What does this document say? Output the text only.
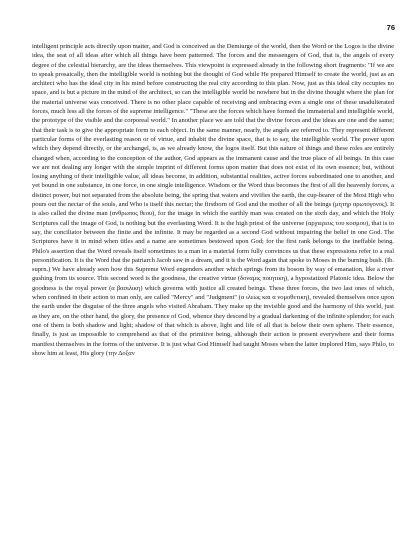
76

intelligent principle acts directly upon matter, and God is conceived as the Demiurge of the world, then the Word or the Logos is the divine idea, the seat of all ideas after which all things have been patterned. The forces and the messengers of God, that is, the angels of every degree of the celestial hierarchy, are the ideas themselves. This viewpoint is expressed already in the following short fragments: "If we are to speak prosaically, then the intelligible world is nothing but the thought of God while He prepared Himself to create the world, just as an architect who has the ideal city in his mind before constructing the real city according to this plan. Now, just as this ideal city occupies no space, and is but a picture in the mind of the architect, so can the intelligible world be nowhere but in the divine thought where the plan for the material universe was conceived. There is no other place capable of receiving and embracing even a single one of these unadulterated forces, much less all the forces of the supreme intelligence." "These are the forces which have formed the immaterial and intelligible world, the prototype of the visible and the corporeal world." In another place we are told that the divine forces and the ideas are one and the same; that their task is to give the appropriate form to each object. In the same manner, nearly, the angels are referred to. They represent different particular forms of the everlasting reason or of virtue, and inhabit the divine space, that is to say, the intelligible world. The power upon which they depend directly, or the archangel, is, as we already know, the logos itself. But this nature of things and these roles are entirely changed when, according to the conception of the author, God appears as the immanent cause and the true place of all beings. In this case we are not dealing any longer with the simple imprint of different forms upon matter that does not exist of its own essence; but, without losing anything of their intelligible value, all ideas become, in addition, substantial realities, active forces subordinated one to another, and yet bound in one substance, in one force, in one single intelligence. Wisdom or the Word thus becomes the first of all the heavenly forces, a distinct power, but not separated from the absolute being, the spring that waters and vivifies the earth, the cup-bearer of the Most High who pours out the nectar of the souls, and Who is itself this nectar; the firstborn of God and the mother of all the beings (μητηρ αρωτογονος). It is also called the divine man (ανθρωπος θεου), for the image in which the earthly man was created on the sixth day, and which the Holy Scriptures call the image of God, is nothing but the everlasting Word. It is the high priest of the universe (αρχιερευς του κοσμου), that is to say, the conciliator between the finite and the infinite. It may be regarded as a second God without impairing the belief in one God. The Scriptures have it in mind when titles and a name are sometimes bestowed upon God; for the first rank belongs to the ineffable being. Philo's assertion that the Word reveals itself sometimes to a man in a material form fully convinces us that these expressions refer to a real personification. It is the Word that the patriarch Jacob saw in a dream, and it is the Word again that spoke to Moses in the burning bush. (Ib. suprn.) We have already seen how this Supreme Word engenders another which springs from its bosom by way of emanation, like a river gushing from its source. This second word is the goodness, the creative virtue (δοναμις ποιητικη), a hypostatized Platonic idea. Below the goodness is the royal power (α βασιλικη) which governs with justice all created beings. These three forces, the two last ones of which, when confined in their action to man only, are called "Mercy" and "Judgment" (α ιλεως και α νομοθετικη), revealed themselves once upon the earth under the disguise of the three angels who visited Abraham. They make up the invisible good and the harmony of this world, just as they are, on the other hand, the glory, the presence of God, whence they descend by a gradual darkening of the infinite splendor; for each one of them is both shadow and light; shadow of that which is above, light and life of all that is below their own sphere. Their essence, finally, is just as impossible to comprehend as that of the primitive being, although their action is present everywhere and their forms manifest themselves in the forms of the universe. It is just what God Himself had taught Moses when the latter implored Him, says Philo, to show him at least, His glory (την Δοξαν
